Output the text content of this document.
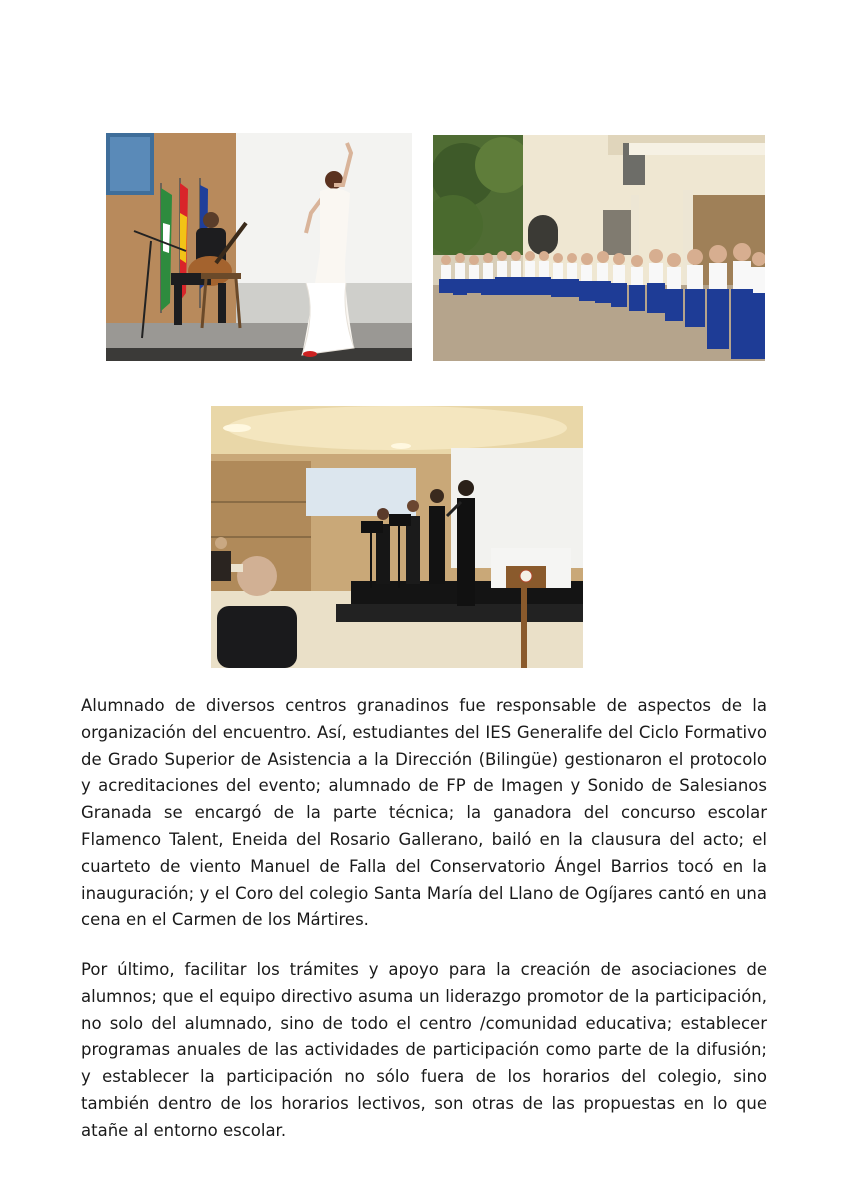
Alumnado de diversos centros granadinos fue responsable de aspectos de la organización del encuentro. Así, estudiantes del IES Generalife del Ciclo Formativo de Grado Superior de Asistencia a la Dirección (Bilingüe) gestionaron el protocolo y acreditaciones del evento; alumnado de FP de Imagen y Sonido de Salesianos Granada se encargó de la parte técnica; la ganadora del concurso escolar Flamenco Talent, Eneida del Rosario Gallerano, bailó en la clausura del acto; el cuarteto de viento Manuel de Falla del Conservatorio Ángel Barrios tocó en la inauguración; y el Coro del colegio Santa María del Llano de Ogíjares cantó en una cena en el Carmen de los Mártires.

Por último, facilitar los trámites y apoyo para la creación de asociaciones de alumnos; que el equipo directivo asuma un liderazgo promotor de la participación, no solo del alumnado, sino de todo el centro /comunidad educativa; establecer programas anuales de las actividades de participación como parte de la difusión; y establecer la participación no sólo fuera de los horarios del colegio, sino también dentro de los horarios lectivos, son otras de las propuestas en lo que atañe al entorno escolar.
